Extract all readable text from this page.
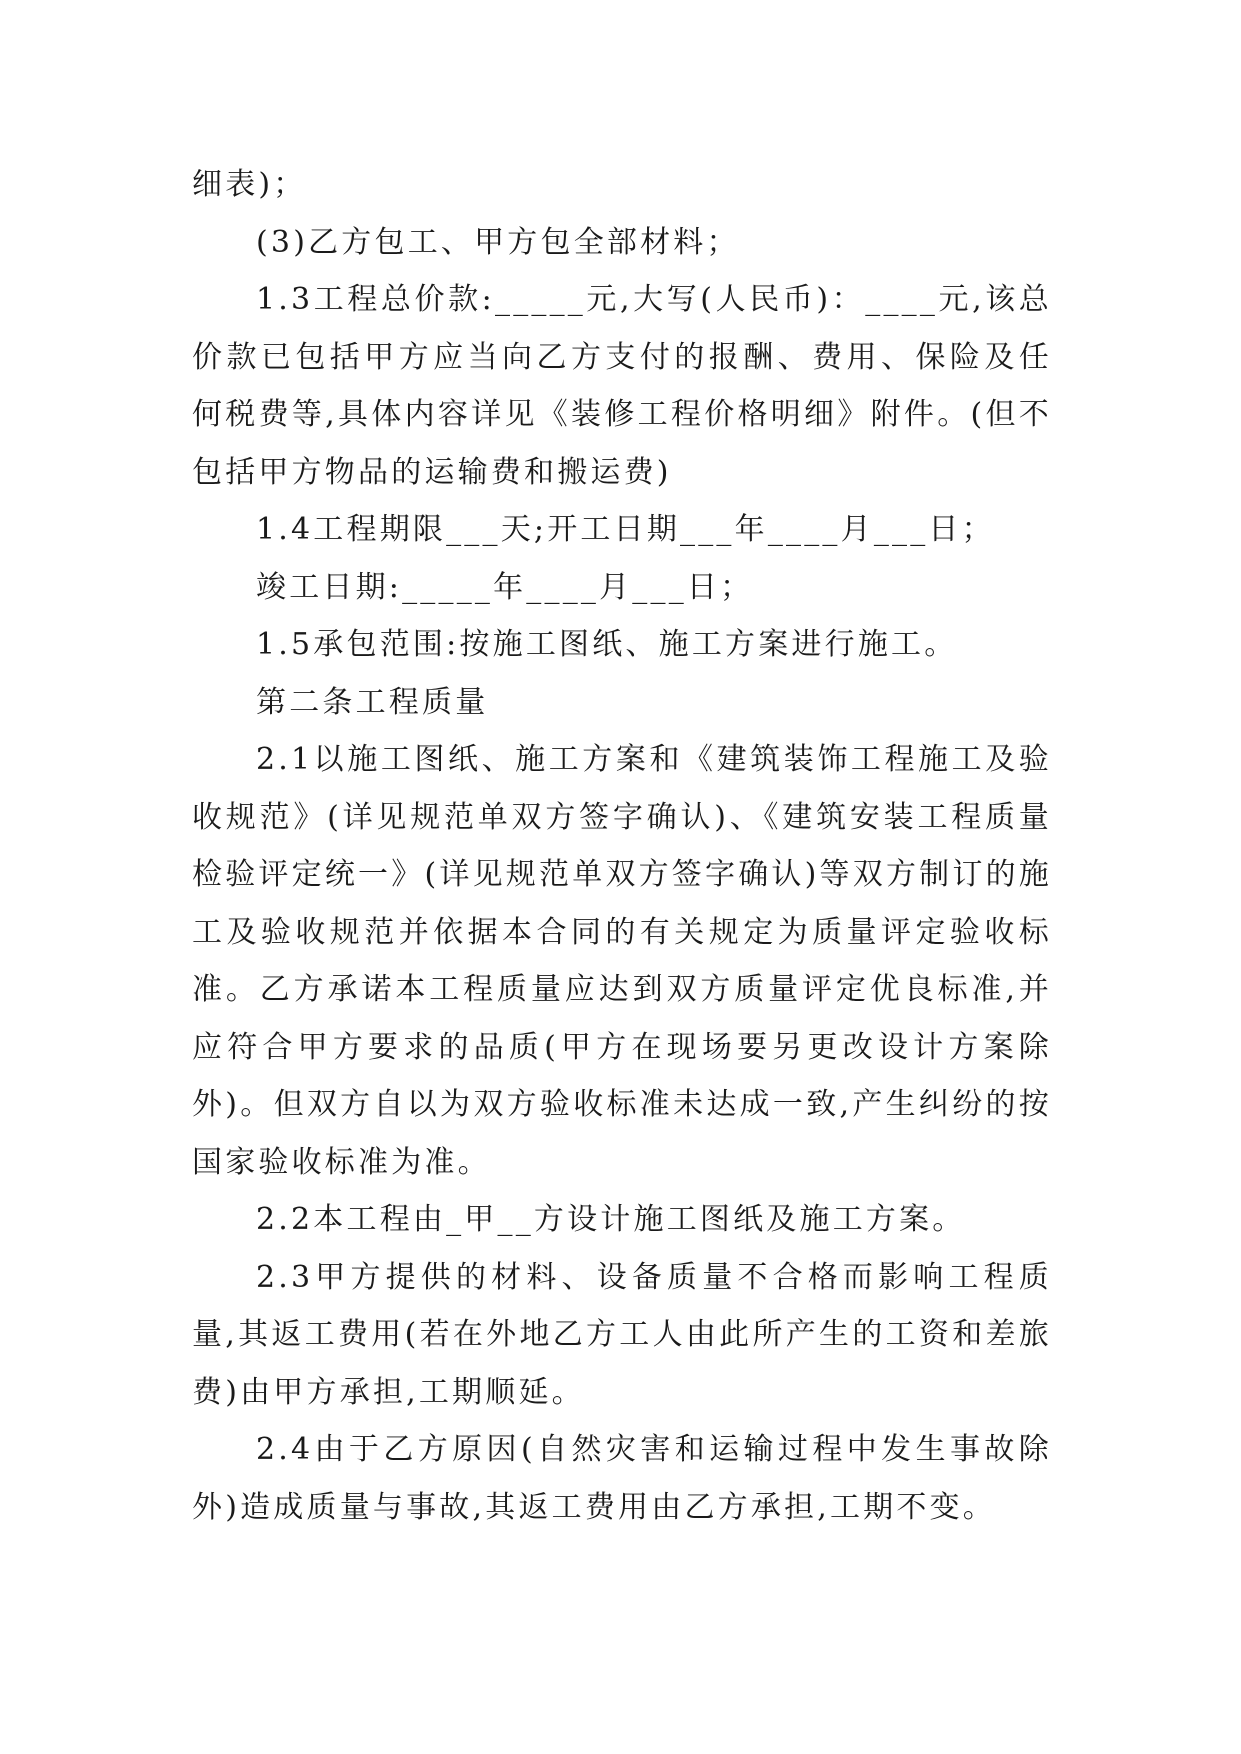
细表)；

(3)乙方包工、甲方包全部材料；

1.3工程总价款:_____元,大写(人民币)：____元,该总价款已包括甲方应当向乙方支付的报酬、费用、保险及任何税费等,具体内容详见《装修工程价格明细》附件。(但不包括甲方物品的运输费和搬运费)

1.4工程期限___天;开工日期___年____月___日；

竣工日期:_____年____月___日；

1.5承包范围:按施工图纸、施工方案进行施工。

第二条工程质量

2.1以施工图纸、施工方案和《建筑装饰工程施工及验收规范》(详见规范单双方签字确认)、《建筑安装工程质量检验评定统一》(详见规范单双方签字确认)等双方制订的施工及验收规范并依据本合同的有关规定为质量评定验收标准。乙方承诺本工程质量应达到双方质量评定优良标准,并应符合甲方要求的品质(甲方在现场要另更改设计方案除外)。但双方自以为双方验收标准未达成一致,产生纠纷的按国家验收标准为准。

2.2本工程由_甲__方设计施工图纸及施工方案。

2.3甲方提供的材料、设备质量不合格而影响工程质量,其返工费用(若在外地乙方工人由此所产生的工资和差旅费)由甲方承担,工期顺延。

2.4由于乙方原因(自然灾害和运输过程中发生事故除外)造成质量与事故,其返工费用由乙方承担,工期不变。
